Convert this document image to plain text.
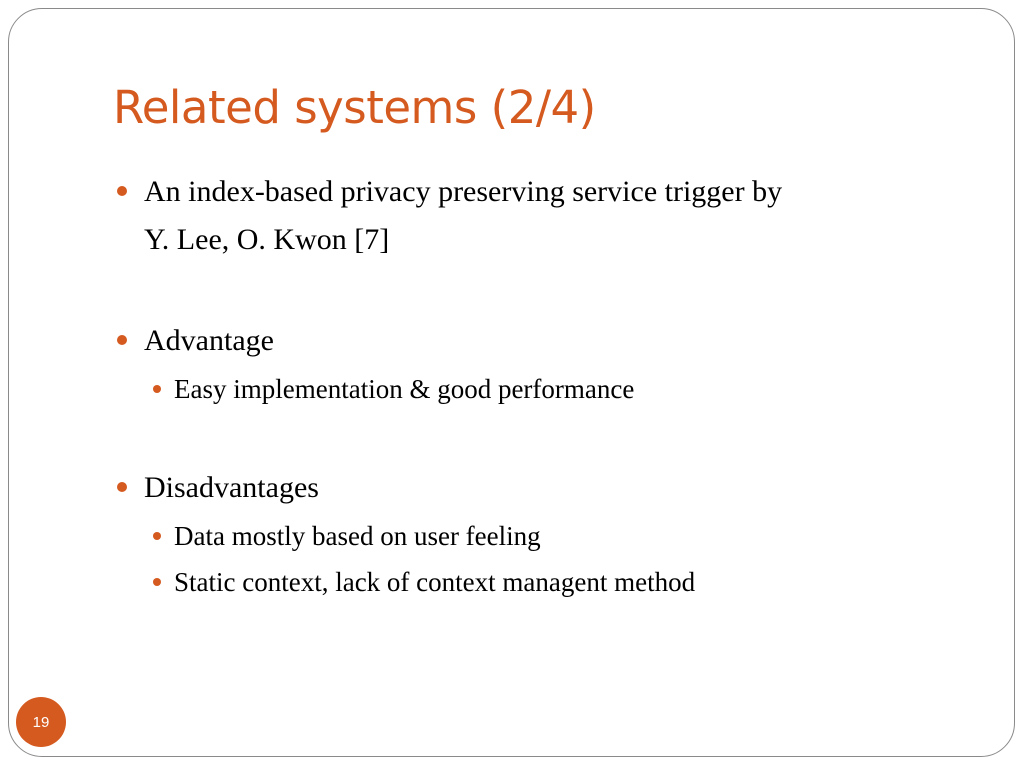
Related systems (2/4)
An index-based privacy preserving service trigger by
Y. Lee, O. Kwon [7]
Advantage
Easy implementation & good performance
Disadvantages
Data mostly based on user feeling
Static context, lack of context managent method
19
